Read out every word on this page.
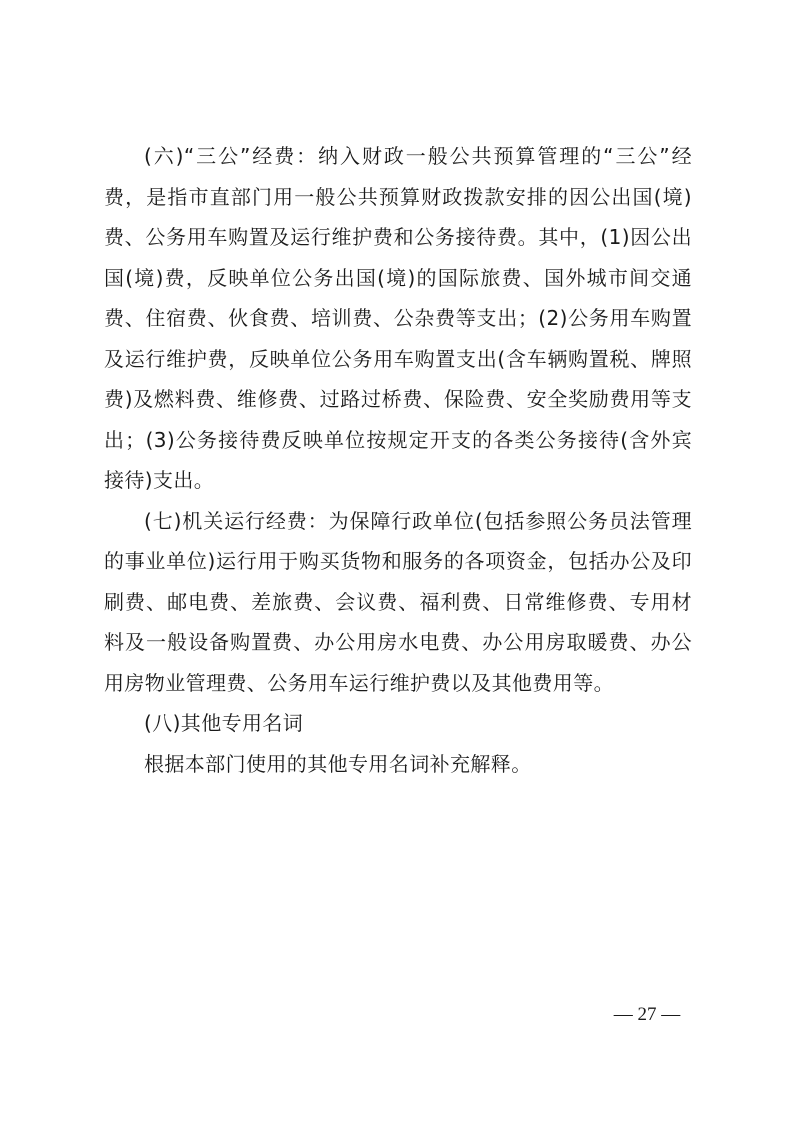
(六)“三公”经费：纳入财政一般公共预算管理的“三公”经费，是指市直部门用一般公共预算财政拨款安排的因公出国(境)费、公务用车购置及运行维护费和公务接待费。其中，(1)因公出国(境)费，反映单位公务出国(境)的国际旅费、国外城市间交通费、住宿费、伙食费、培训费、公杂费等支出；(2)公务用车购置及运行维护费，反映单位公务用车购置支出(含车辆购置税、牌照费)及燃料费、维修费、过路过桥费、保险费、安全奖励费用等支出；(3)公务接待费反映单位按规定开支的各类公务接待(含外宾接待)支出。

(七)机关运行经费：为保障行政单位(包括参照公务员法管理的事业单位)运行用于购买货物和服务的各项资金，包括办公及印刷费、邮电费、差旅费、会议费、福利费、日常维修费、专用材料及一般设备购置费、办公用房水电费、办公用房取暖费、办公用房物业管理费、公务用车运行维护费以及其他费用等。

(八)其他专用名词

根据本部门使用的其他专用名词补充解释。

— 27 —
